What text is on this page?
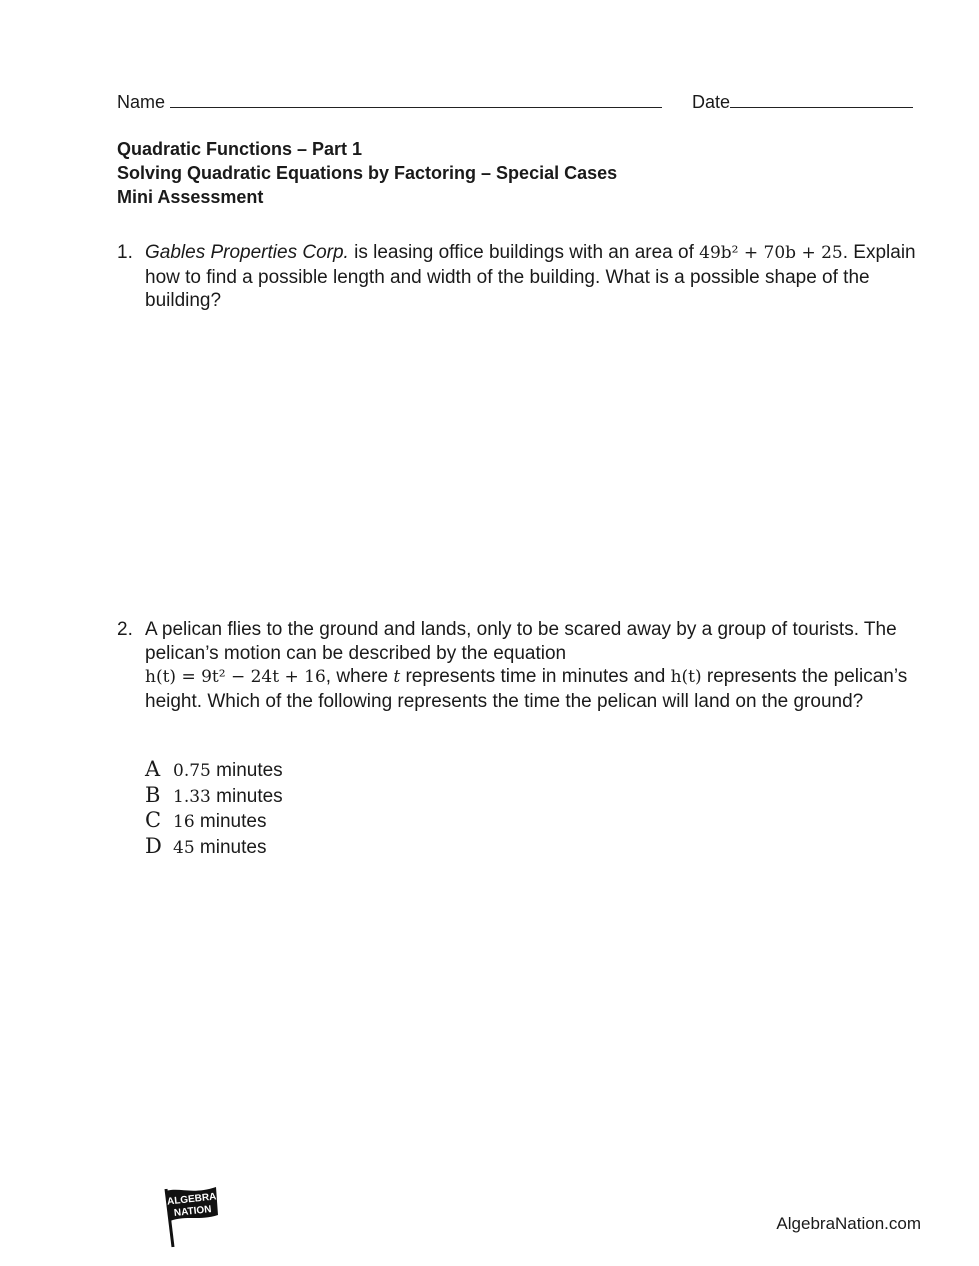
Name	Date
Quadratic Functions – Part 1
Solving Quadratic Equations by Factoring – Special Cases
Mini Assessment
1. Gables Properties Corp. is leasing office buildings with an area of 49b² + 70b + 25. Explain how to find a possible length and width of the building. What is a possible shape of the building?
2. A pelican flies to the ground and lands, only to be scared away by a group of tourists. The pelican’s motion can be described by the equation
h(t) = 9t² − 24t + 16, where t represents time in minutes and h(t) represents the pelican’s height. Which of the following represents the time the pelican will land on the ground?
A 0.75
minutes
B 1.33
minutes
C 16
minutes
D 45
minutes
ALGEBRA
NATION
AlgebraNation.com
